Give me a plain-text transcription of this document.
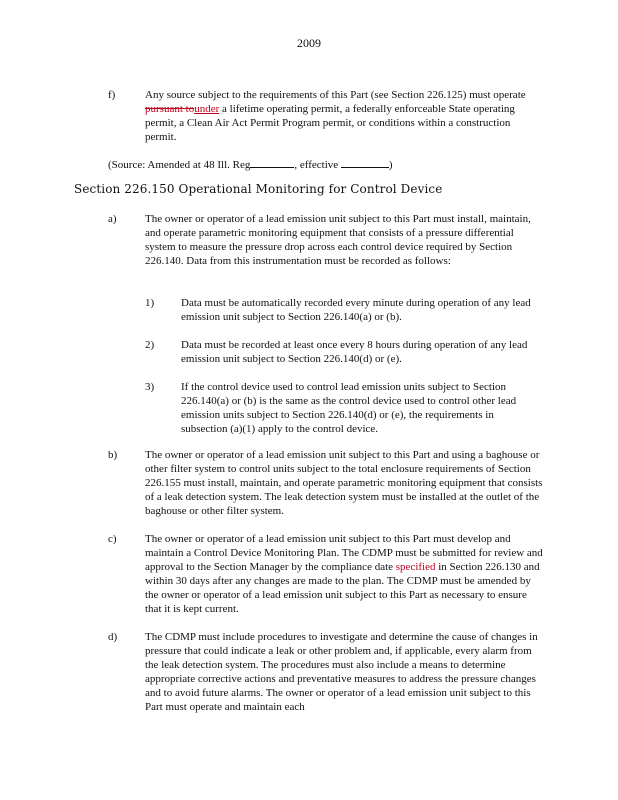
2009
f)	Any source subject to the requirements of this Part (see Section 226.125) must operate pursuant tounder a lifetime operating permit, a federally enforceable State operating permit, a Clean Air Act Permit Program permit, or conditions within a construction permit.
(Source: Amended at 48 Ill. Reg	, effective	)
Section 226.150 Operational Monitoring for Control Device
a)	The owner or operator of a lead emission unit subject to this Part must install, maintain, and operate parametric monitoring equipment that consists of a pressure differential system to measure the pressure drop across each control device required by Section 226.140. Data from this instrumentation must be recorded as follows:
1) Data must be automatically recorded every minute during operation of any lead emission unit subject to Section 226.140(a) or (b).
2) Data must be recorded at least once every 8 hours during operation of any lead emission unit subject to Section 226.140(d) or (e).
3) If the control device used to control lead emission units subject to Section 226.140(a) or (b) is the same as the control device used to control other lead emission units subject to Section 226.140(d) or (e), the requirements in subsection (a)(1) apply to the control device.
b)	The owner or operator of a lead emission unit subject to this Part and using a baghouse or other filter system to control units subject to the total enclosure requirements of Section 226.155 must install, maintain, and operate parametric monitoring equipment that consists of a leak detection system. The leak detection system must be installed at the outlet of the baghouse or other filter system.
c)	The owner or operator of a lead emission unit subject to this Part must develop and maintain a Control Device Monitoring Plan. The CDMP must be submitted for review and approval to the Section Manager by the compliance date specified in Section 226.130 and within 30 days after any changes are made to the plan. The CDMP must be amended by the owner or operator of a lead emission unit subject to this Part as necessary to ensure that it is kept current.
d)	The CDMP must include procedures to investigate and determine the cause of changes in pressure that could indicate a leak or other problem and, if applicable, every alarm from the leak detection system. The procedures must also include a means to determine appropriate corrective actions and preventative measures to address the pressure changes and to avoid future alarms. The owner or operator of a lead emission unit subject to this Part must operate and maintain each
